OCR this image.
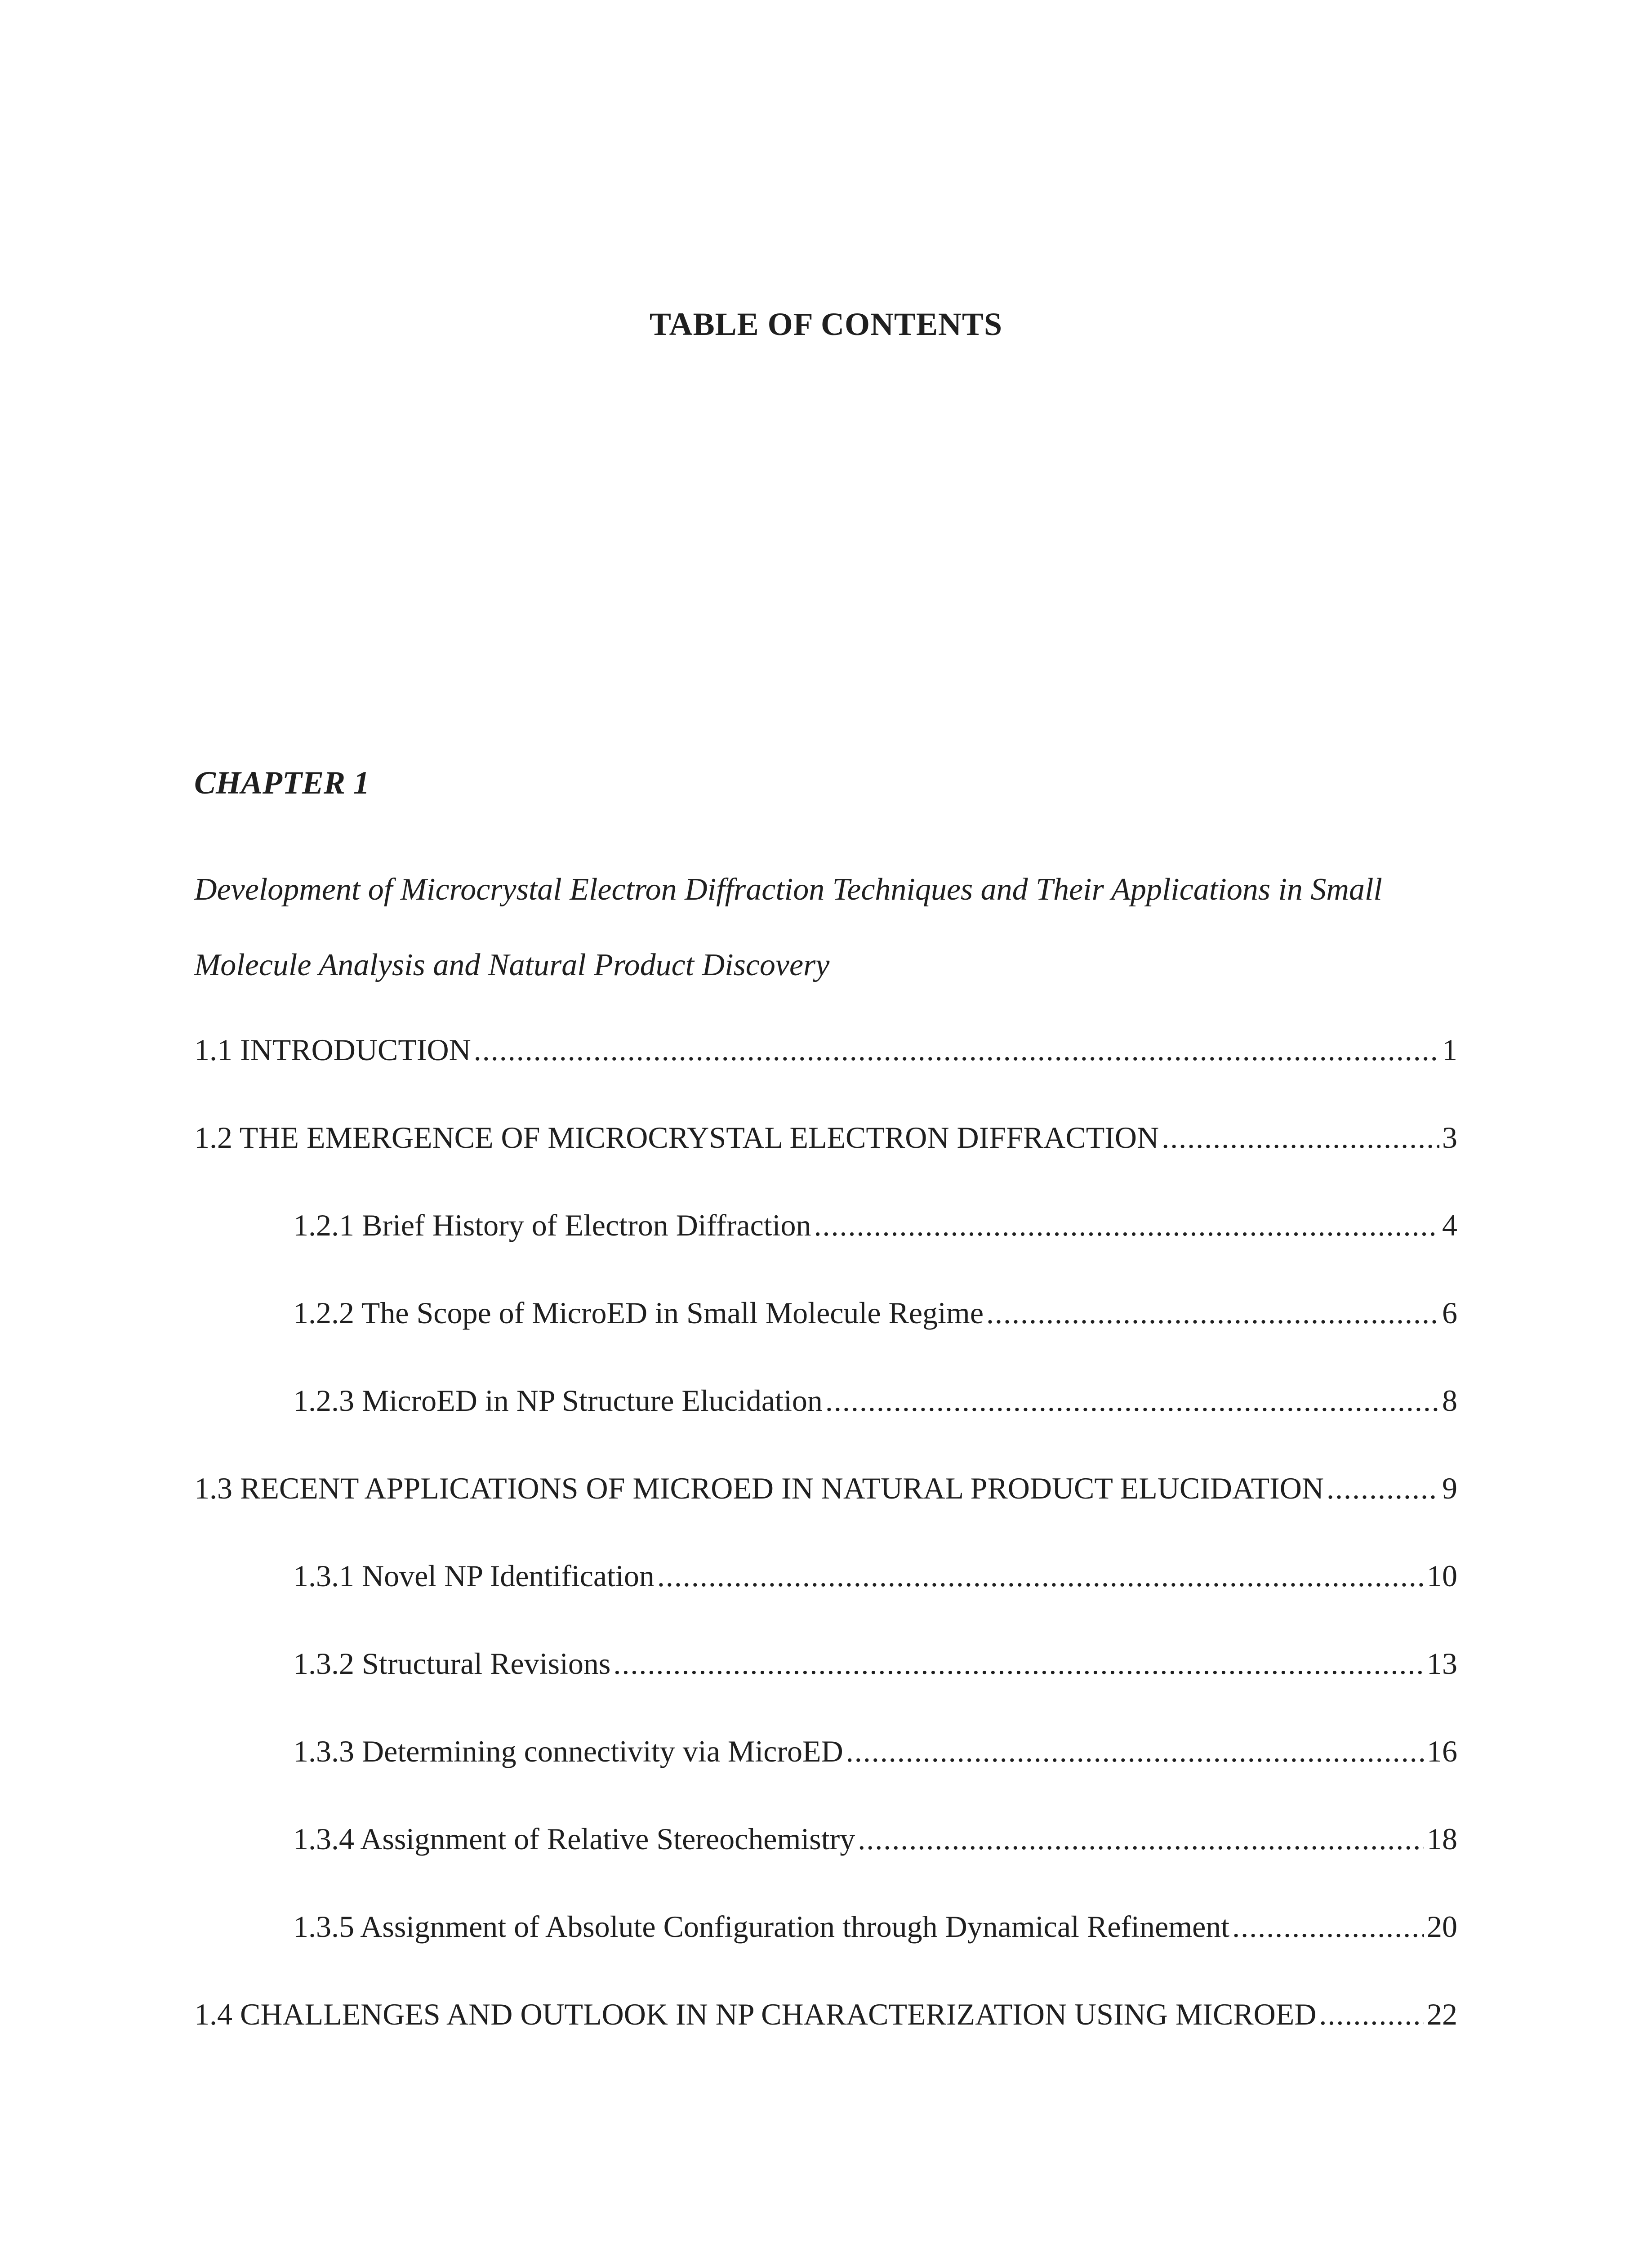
TABLE OF CONTENTS
CHAPTER 1
Development of Microcrystal Electron Diffraction Techniques and Their Applications in Small
Molecule Analysis and Natural Product Discovery
1.1 INTRODUCTION .....	1
1.2 THE EMERGENCE OF MICROCRYSTAL ELECTRON DIFFRACTION .....	3
1.2.1 Brief History of Electron Diffraction .....	4
1.2.2 The Scope of MicroED in Small Molecule Regime .....	6
1.2.3 MicroED in NP Structure Elucidation .....	8
1.3 RECENT APPLICATIONS OF MICROED IN NATURAL PRODUCT ELUCIDATION .....	9
1.3.1 Novel NP Identification .....	10
1.3.2 Structural Revisions .....	13
1.3.3 Determining connectivity via MicroED .....	16
1.3.4 Assignment of Relative Stereochemistry .....	18
1.3.5 Assignment of Absolute Configuration through Dynamical Refinement .....	20
1.4 CHALLENGES AND OUTLOOK IN NP CHARACTERIZATION USING MICROED .....	22
